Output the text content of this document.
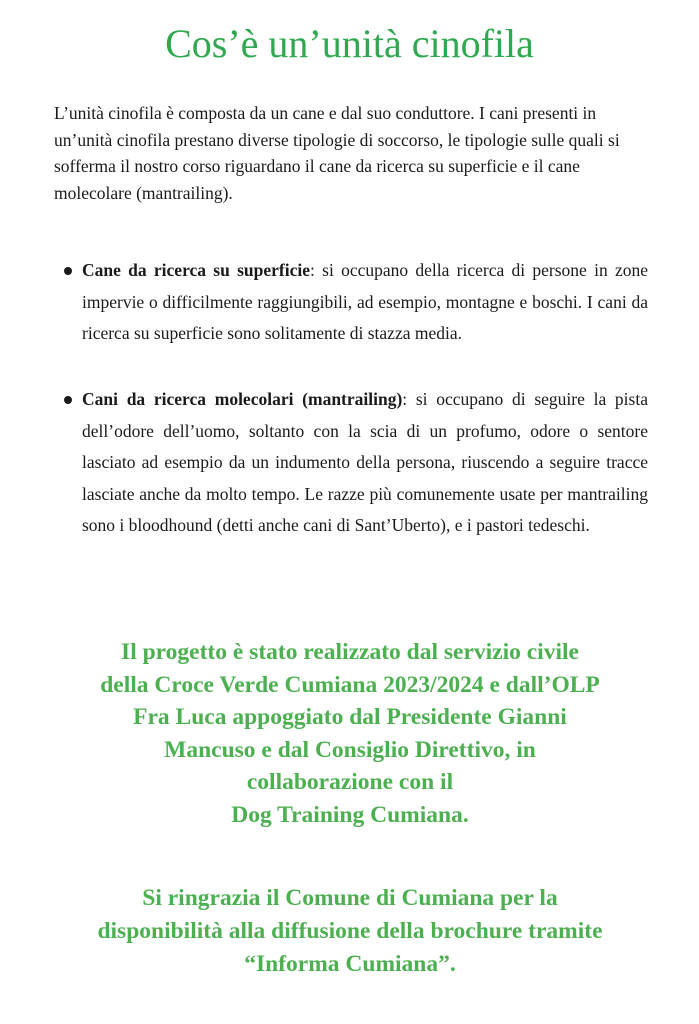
Cos’è un’unità cinofila

L’unità cinofila è composta da un cane e dal suo conduttore. I cani presenti in un’unità cinofila prestano diverse tipologie di soccorso, le tipologie sulle quali si sofferma il nostro corso riguardano il cane da ricerca su superficie e il cane molecolare (mantrailing).

Cane da ricerca su superficie: si occupano della ricerca di persone in zone impervie o difficilmente raggiungibili, ad esempio, montagne e boschi. I cani da ricerca su superficie sono solitamente di stazza media.
Cani da ricerca molecolari (mantrailing): si occupano di seguire la pista dell’odore dell’uomo, soltanto con la scia di un profumo, odore o sentore lasciato ad esempio da un indumento della persona, riuscendo a seguire tracce lasciate anche da molto tempo. Le razze più comunemente usate per mantrailing sono i bloodhound (detti anche cani di Sant’Uberto), e i pastori tedeschi.

Il progetto è stato realizzato dal servizio civile
della Croce Verde Cumiana 2023/2024 e dall’OLP
Fra Luca appoggiato dal Presidente Gianni
Mancuso e dal Consiglio Direttivo, in
collaborazione con il
Dog Training Cumiana.

Si ringrazia il Comune di Cumiana per la
disponibilità alla diffusione della brochure tramite
“Informa Cumiana”.
